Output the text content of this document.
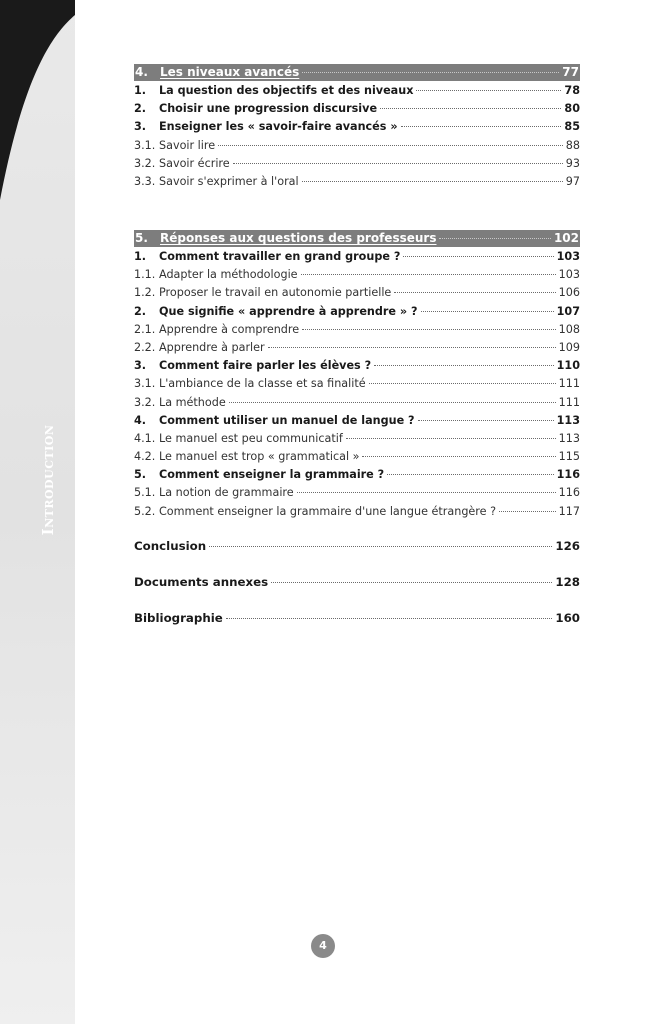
Introduction
4.	Les niveaux avancés	77
1.	La question des objectifs et des niveaux	78
2.	Choisir une progression discursive	80
3.	Enseigner les « savoir-faire avancés »	85
3.1. Savoir lire	88
3.2. Savoir écrire	93
3.3. Savoir s'exprimer à l'oral	97
5.	Réponses aux questions des professeurs	102
1.	Comment travailler en grand groupe ?	103
1.1. Adapter la méthodologie	103
1.2. Proposer le travail en autonomie partielle	106
2.	Que signifie « apprendre à apprendre » ?	107
2.1. Apprendre à comprendre	108
2.2. Apprendre à parler	109
3.	Comment faire parler les élèves ?	110
3.1. L'ambiance de la classe et sa finalité	111
3.2. La méthode	111
4.	Comment utiliser un manuel de langue ?	113
4.1. Le manuel est peu communicatif	113
4.2. Le manuel est trop « grammatical »	115
5.	Comment enseigner la grammaire ?	116
5.1. La notion de grammaire	116
5.2. Comment enseigner la grammaire d'une langue étrangère ?	117
Conclusion	126
Documents annexes	128
Bibliographie	160
4
